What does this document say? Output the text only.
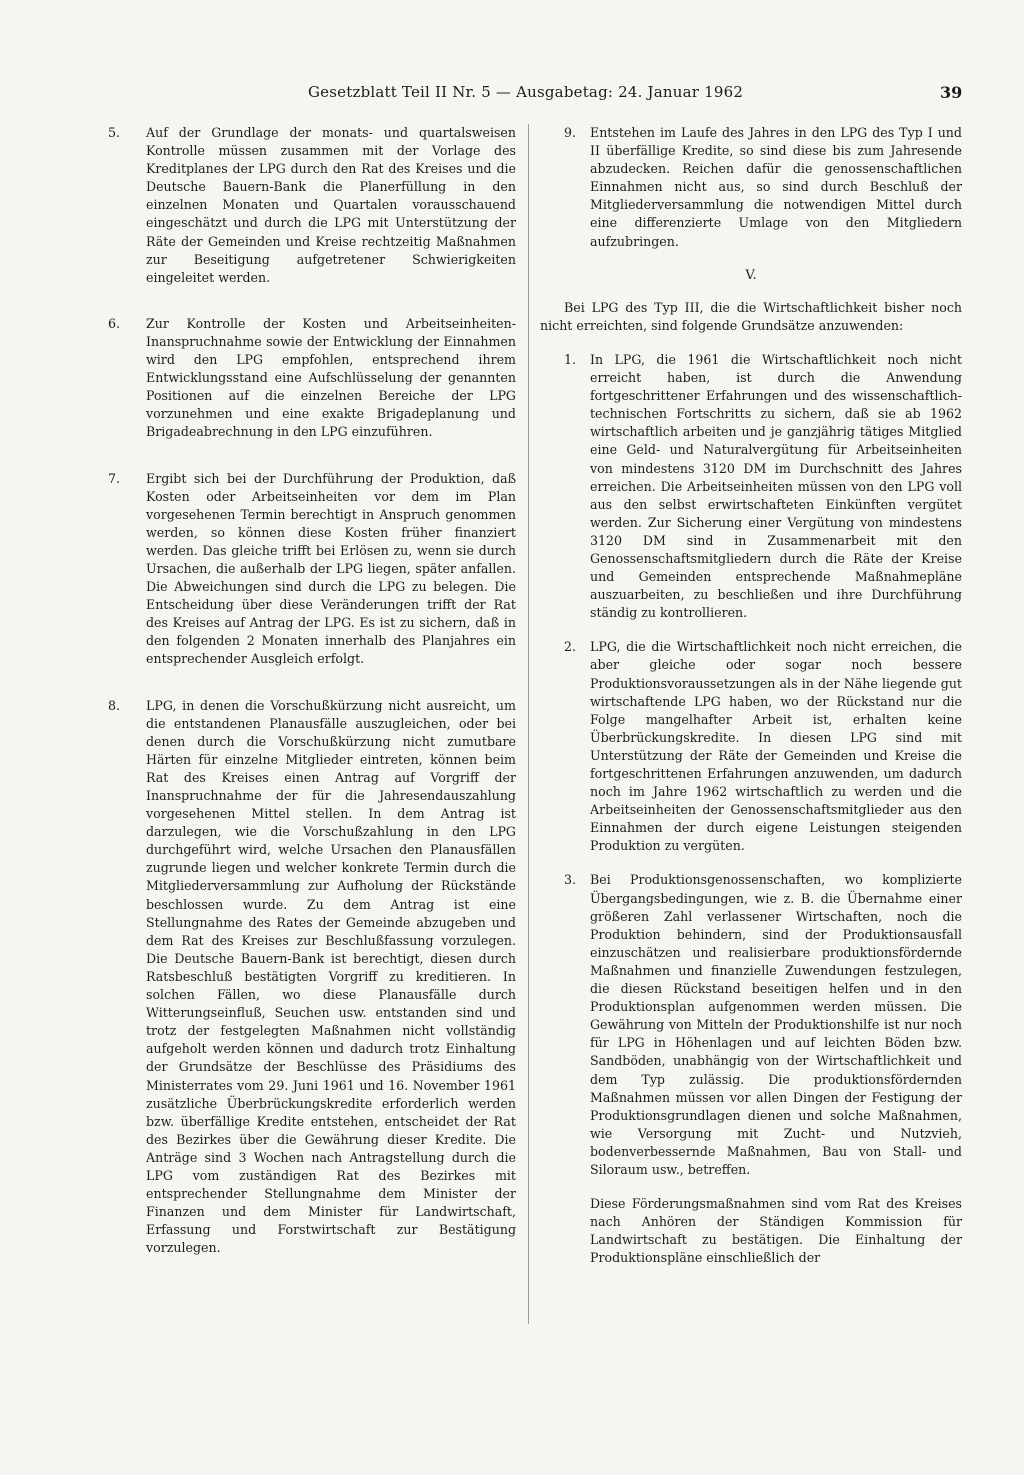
Gesetzblatt Teil II Nr. 5 — Ausgabetag: 24. Januar 1962	39
5. Auf der Grundlage der monats- und quartalsweisen Kontrolle müssen zusammen mit der Vorlage des Kreditplanes der LPG durch den Rat des Kreises und die Deutsche Bauern-Bank die Planerfüllung in den einzelnen Monaten und Quartalen vorausschauend eingeschätzt und durch die LPG mit Unterstützung der Räte der Gemeinden und Kreise rechtzeitig Maßnahmen zur Beseitigung aufgetretener Schwierigkeiten eingeleitet werden.
6. Zur Kontrolle der Kosten und Arbeitseinheiten-Inanspruchnahme sowie der Entwicklung der Einnahmen wird den LPG empfohlen, entsprechend ihrem Entwicklungsstand eine Aufschlüsselung der genannten Positionen auf die einzelnen Bereiche der LPG vorzunehmen und eine exakte Brigadeplanung und Brigadeabrechnung in den LPG einzuführen.
7. Ergibt sich bei der Durchführung der Produktion, daß Kosten oder Arbeitseinheiten vor dem im Plan vorgesehenen Termin berechtigt in Anspruch genommen werden, so können diese Kosten früher finanziert werden. Das gleiche trifft bei Erlösen zu, wenn sie durch Ursachen, die außerhalb der LPG liegen, später anfallen. Die Abweichungen sind durch die LPG zu belegen. Die Entscheidung über diese Veränderungen trifft der Rat des Kreises auf Antrag der LPG. Es ist zu sichern, daß in den folgenden 2 Monaten innerhalb des Planjahres ein entsprechender Ausgleich erfolgt.
8. LPG, in denen die Vorschußkürzung nicht ausreicht, um die entstandenen Planausfälle auszugleichen, oder bei denen durch die Vorschußkürzung nicht zumutbare Härten für einzelne Mitglieder eintreten, können beim Rat des Kreises einen Antrag auf Vorgriff der Inanspruchnahme der für die Jahresendauszahlung vorgesehenen Mittel stellen. In dem Antrag ist darzulegen, wie die Vorschußzahlung in den LPG durchgeführt wird, welche Ursachen den Planausfällen zugrunde liegen und welcher konkrete Termin durch die Mitgliederversammlung zur Aufholung der Rückstände beschlossen wurde. Zu dem Antrag ist eine Stellungnahme des Rates der Gemeinde abzugeben und dem Rat des Kreises zur Beschlußfassung vorzulegen. Die Deutsche Bauern-Bank ist berechtigt, diesen durch Ratsbeschluß bestätigten Vorgriff zu kreditieren. In solchen Fällen, wo diese Planausfälle durch Witterungseinfluß, Seuchen usw. entstanden sind und trotz der festgelegten Maßnahmen nicht vollständig aufgeholt werden können und dadurch trotz Einhaltung der Grundsätze der Beschlüsse des Präsidiums des Ministerrates vom 29. Juni 1961 und 16. November 1961 zusätzliche Überbrückungskredite erforderlich werden bzw. überfällige Kredite entstehen, entscheidet der Rat des Bezirkes über die Gewährung dieser Kredite. Die Anträge sind 3 Wochen nach Antragstellung durch die LPG vom zuständigen Rat des Bezirkes mit entsprechender Stellungnahme dem Minister der Finanzen und dem Minister für Landwirtschaft, Erfassung und Forstwirtschaft zur Bestätigung vorzulegen.
9. Entstehen im Laufe des Jahres in den LPG des Typ I und II überfällige Kredite, so sind diese bis zum Jahresende abzudecken. Reichen dafür die genossenschaftlichen Einnahmen nicht aus, so sind durch Beschluß der Mitgliederversammlung die notwendigen Mittel durch eine differenzierte Umlage von den Mitgliedern aufzubringen.
V.
Bei LPG des Typ III, die die Wirtschaftlichkeit bisher noch nicht erreichten, sind folgende Grundsätze anzuwenden:
1. In LPG, die 1961 die Wirtschaftlichkeit noch nicht erreicht haben, ist durch die Anwendung fortgeschrittener Erfahrungen und des wissenschaftlich-technischen Fortschritts zu sichern, daß sie ab 1962 wirtschaftlich arbeiten und je ganzjährig tätiges Mitglied eine Geld- und Naturalvergütung für Arbeitseinheiten von mindestens 3120 DM im Durchschnitt des Jahres erreichen. Die Arbeitseinheiten müssen von den LPG voll aus den selbst erwirtschafteten Einkünften vergütet werden. Zur Sicherung einer Vergütung von mindestens 3120 DM sind in Zusammenarbeit mit den Genossenschaftsmitgliedern durch die Räte der Kreise und Gemeinden entsprechende Maßnahmepläne auszuarbeiten, zu beschließen und ihre Durchführung ständig zu kontrollieren.
2. LPG, die die Wirtschaftlichkeit noch nicht erreichen, die aber gleiche oder sogar noch bessere Produktionsvoraussetzungen als in der Nähe liegende gut wirtschaftende LPG haben, wo der Rückstand nur die Folge mangelhafter Arbeit ist, erhalten keine Überbrückungskredite. In diesen LPG sind mit Unterstützung der Räte der Gemeinden und Kreise die fortgeschrittenen Erfahrungen anzuwenden, um dadurch noch im Jahre 1962 wirtschaftlich zu werden und die Arbeitseinheiten der Genossenschaftsmitglieder aus den Einnahmen der durch eigene Leistungen steigenden Produktion zu vergüten.
3. Bei Produktionsgenossenschaften, wo komplizierte Übergangsbedingungen, wie z. B. die Übernahme einer größeren Zahl verlassener Wirtschaften, noch die Produktion behindern, sind der Produktionsausfall einzuschätzen und realisierbare produktionsfördernde Maßnahmen und finanzielle Zuwendungen festzulegen, die diesen Rückstand beseitigen helfen und in den Produktionsplan aufgenommen werden müssen. Die Gewährung von Mitteln der Produktionshilfe ist nur noch für LPG in Höhenlagen und auf leichten Böden bzw. Sandböden, unabhängig von der Wirtschaftlichkeit und dem Typ zulässig. Die produktionsfördernden Maßnahmen müssen vor allen Dingen der Festigung der Produktionsgrundlagen dienen und solche Maßnahmen, wie Versorgung mit Zucht- und Nutzvieh, bodenverbessernde Maßnahmen, Bau von Stall- und Siloraum usw., betreffen.
Diese Förderungsmaßnahmen sind vom Rat des Kreises nach Anhören der Ständigen Kommission für Landwirtschaft zu bestätigen. Die Einhaltung der Produktionspläne einschließlich der
